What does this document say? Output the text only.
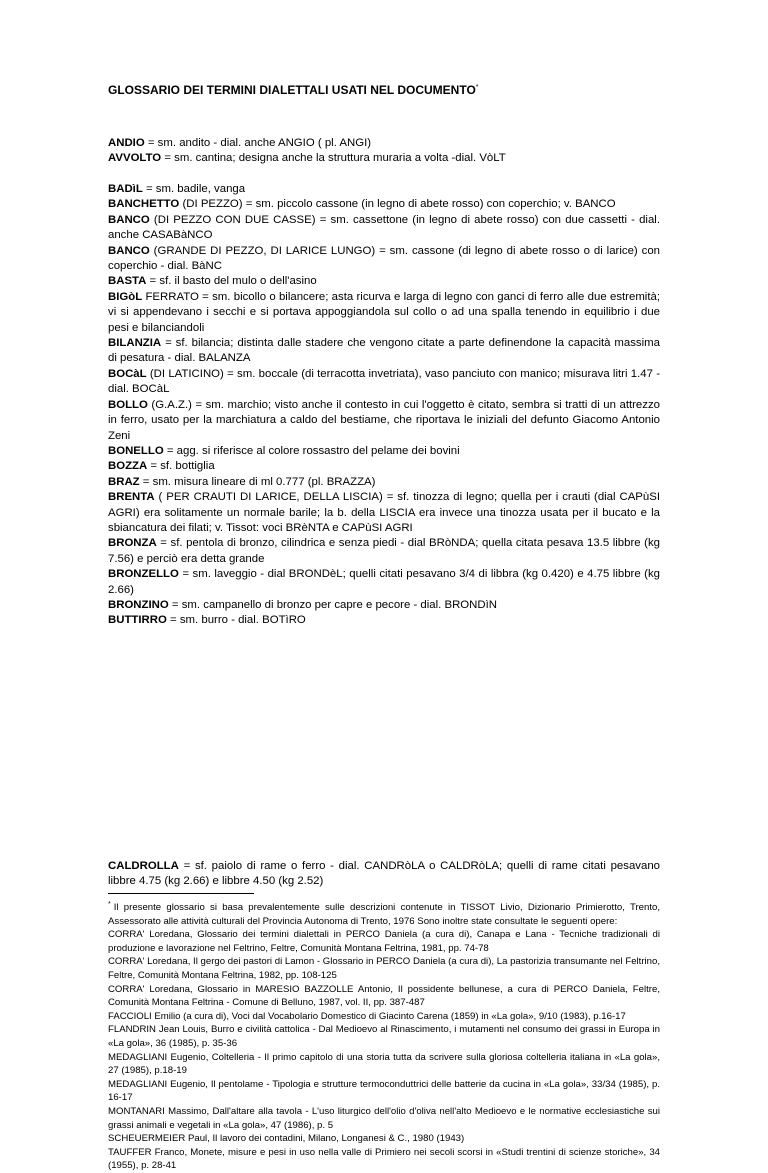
GLOSSARIO DEI TERMINI DIALETTALI USATI NEL DOCUMENTO*

ANDIO = sm. andito - dial. anche ANGIO ( pl. ANGI)

AVVOLTO = sm. cantina; designa anche la struttura muraria a volta -dial. VòLT

BADìL = sm. badile, vanga

BANCHETTO (DI PEZZO) = sm. piccolo cassone (in legno di abete rosso) con coperchio; v. BANCO

BANCO (DI PEZZO CON DUE CASSE) = sm. cassettone (in legno di abete rosso) con due cassetti - dial. anche CASABàNCO

BANCO (GRANDE DI PEZZO, DI LARICE LUNGO) = sm. cassone (di legno di abete rosso o di larice) con coperchio - dial. BàNC

BASTA = sf. il basto del mulo o dell'asino

BIGòL FERRATO = sm. bicollo o bilancere; asta ricurva e larga di legno con ganci di ferro alle due estremità; vi si appendevano i secchi e si portava appoggiandola sul collo o ad una spalla tenendo in equilibrio i due pesi e bilanciandoli

BILANZIA = sf. bilancia; distinta dalle stadere che vengono citate a parte definendone la capacità massima di pesatura - dial. BALANZA

BOCàL (DI LATICINO) = sm. boccale (di terracotta invetriata), vaso panciuto con manico; misurava litri 1.47 - dial. BOCàL

BOLLO (G.A.Z.) = sm. marchio; visto anche il contesto in cui l'oggetto è citato, sembra si tratti di un attrezzo in ferro, usato per la marchiatura a caldo del bestiame, che riportava le iniziali del defunto Giacomo Antonio Zeni

BONELLO = agg. si riferisce al colore rossastro del pelame dei bovini

BOZZA = sf. bottiglia

BRAZ = sm. misura lineare di ml 0.777 (pl. BRAZZA)

BRENTA ( PER CRAUTI DI LARICE, DELLA LISCIA) = sf. tinozza di legno; quella per i crauti (dial CAPùSI AGRI) era solitamente un normale barile; la b. della LISCIA era invece una tinozza usata per il bucato e la sbiancatura dei filati; v. Tissot: voci BRèNTA e CAPùSI AGRI

BRONZA = sf. pentola di bronzo, cilindrica e senza piedi - dial BRòNDA; quella citata pesava 13.5 libbre (kg 7.56) e perciò era detta grande

BRONZELLO = sm. laveggio - dial BRONDèL; quelli citati pesavano 3/4 di libbra (kg 0.420) e 4.75 libbre (kg 2.66)

BRONZINO = sm. campanello di bronzo per capre e pecore - dial. BRONDìN

BUTTIRRO = sm. burro - dial. BOTìRO

CALDROLLA = sf. paiolo di rame o ferro - dial. CANDRòLA o CALDRòLA; quelli di rame citati pesavano libbre 4.75 (kg 2.66) e libbre 4.50 (kg 2.52)

* Il presente glossario si basa prevalentemente sulle descrizioni contenute in TISSOT Livio, Dizionario Primierotto, Trento, Assessorato alle attività culturali del Provincia Autonoma di Trento, 1976 Sono inoltre state consultate le seguenti opere:

CORRA' Loredana, Glossario dei termini dialettali in PERCO Daniela (a cura di), Canapa e Lana - Tecniche tradizionali di produzione e lavorazione nel Feltrino, Feltre, Comunità Montana Feltrina, 1981, pp. 74-78

CORRA' Loredana, Il gergo dei pastori di Lamon - Glossario in PERCO Daniela (a cura di), La pastorizia transumante nel Feltrino, Feltre, Comunità Montana Feltrina, 1982, pp. 108-125

CORRA' Loredana, Glossario in MARESIO BAZZOLLE Antonio, Il possidente bellunese, a cura di PERCO Daniela, Feltre, Comunità Montana Feltrina - Comune di Belluno, 1987, vol. II, pp. 387-487

FACCIOLI Emilio (a cura di), Voci dal Vocabolario Domestico di Giacinto Carena (1859) in «La gola», 9/10 (1983), p.16-17

FLANDRIN Jean Louis, Burro e civilità cattolica - Dal Medioevo al Rinascimento, i mutamenti nel consumo dei grassi in Europa in «La gola», 36 (1985), p. 35-36

MEDAGLIANI Eugenio, Coltelleria - Il primo capitolo di una storia tutta da scrivere sulla gloriosa coltelleria italiana in «La gola», 27 (1985), p.18-19

MEDAGLIANI Eugenio, Il pentolame - Tipologia e strutture termoconduttrici delle batterie da cucina in «La gola», 33/34 (1985), p. 16-17

MONTANARI Massimo, Dall'altare alla tavola - L'uso liturgico dell'olio d'oliva nell'alto Medioevo e le normative ecclesiastiche sui grassi animali e vegetali in «La gola», 47 (1986), p. 5

SCHEUERMEIER Paul, Il lavoro dei contadini, Milano, Longanesi & C., 1980 (1943)

TAUFFER Franco, Monete, misure e pesi in uso nella valle di Primiero nei secoli scorsi in «Studi trentini di scienze storiche», 34 (1955), p. 28-41
